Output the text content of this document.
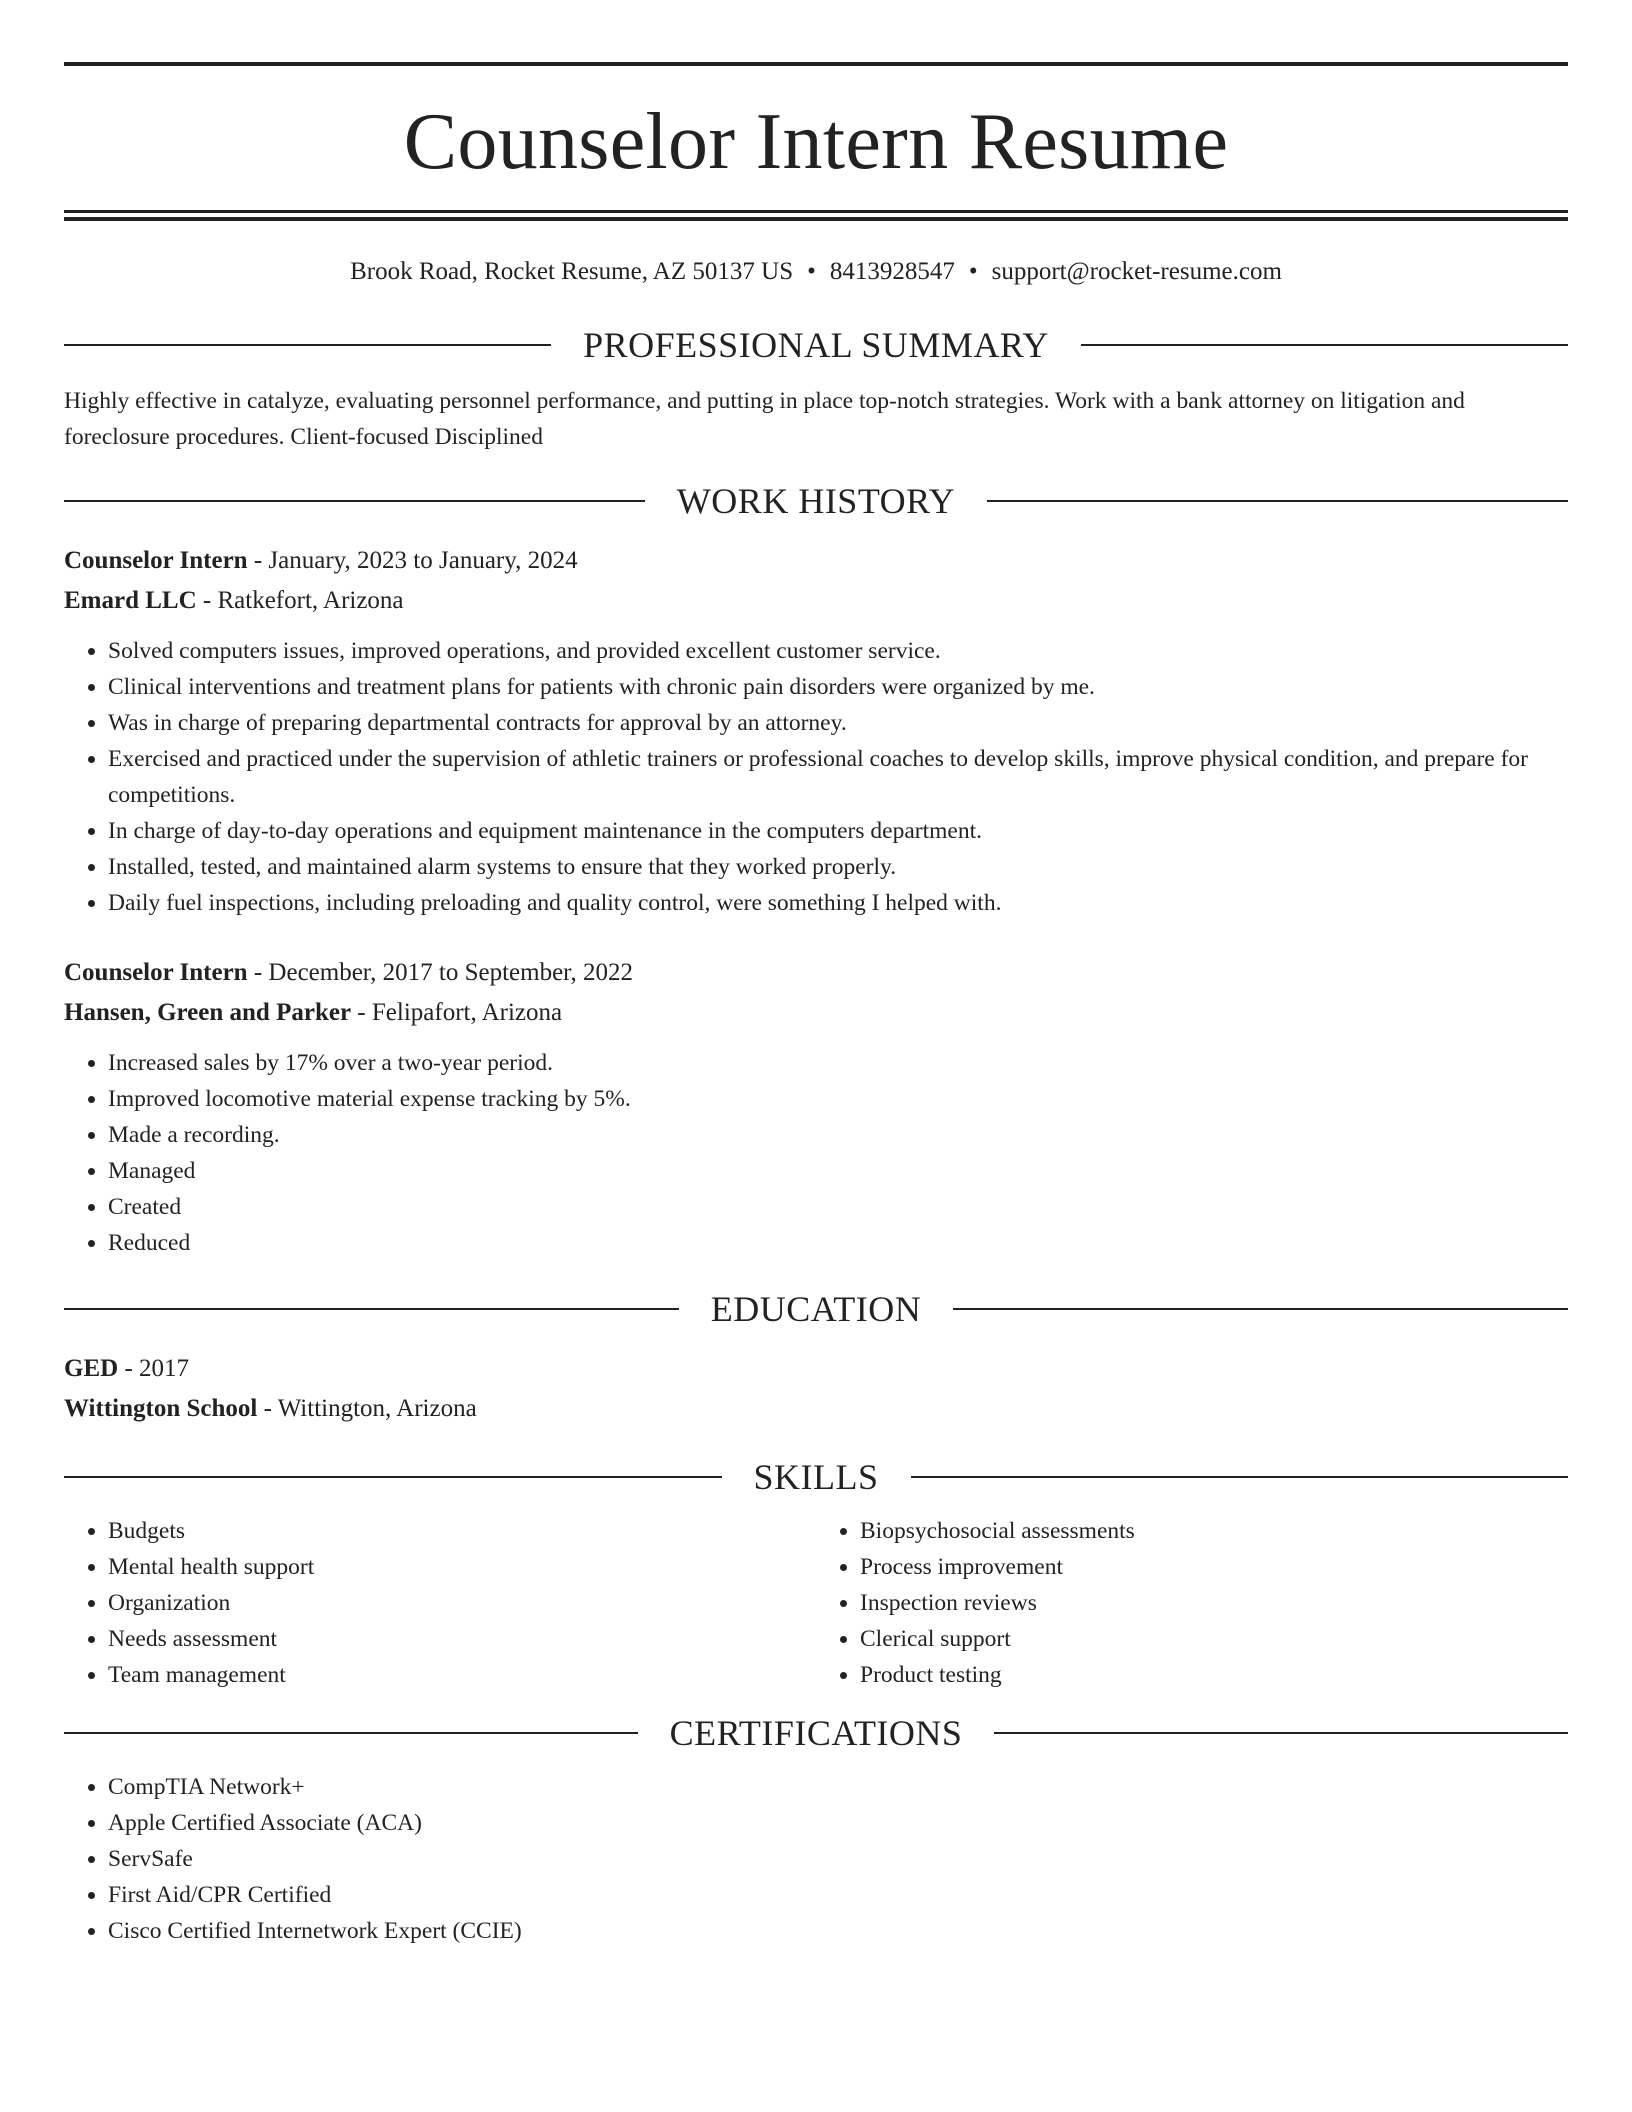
Counselor Intern Resume
Brook Road, Rocket Resume, AZ 50137 US • 8413928547 • support@rocket-resume.com
PROFESSIONAL SUMMARY

Highly effective in catalyze, evaluating personnel performance, and putting in place top-notch strategies. Work with a bank attorney on litigation and foreclosure procedures. Client-focused Disciplined

WORK HISTORY
Counselor Intern - January, 2023 to January, 2024
Emard LLC - Ratkefort, Arizona
• Solved computers issues, improved operations, and provided excellent customer service.
• Clinical interventions and treatment plans for patients with chronic pain disorders were organized by me.
• Was in charge of preparing departmental contracts for approval by an attorney.
• Exercised and practiced under the supervision of athletic trainers or professional coaches to develop skills, improve physical condition, and prepare for competitions.
• In charge of day-to-day operations and equipment maintenance in the computers department.
• Installed, tested, and maintained alarm systems to ensure that they worked properly.
• Daily fuel inspections, including preloading and quality control, were something I helped with.
Counselor Intern - December, 2017 to September, 2022
Hansen, Green and Parker - Felipafort, Arizona
• Increased sales by 17% over a two-year period.
• Improved locomotive material expense tracking by 5%.
• Made a recording.
• Managed
• Created
• Reduced
EDUCATION
GED - 2017
Wittington School - Wittington, Arizona
SKILLS
• Budgets
• Mental health support
• Organization
• Needs assessment
• Team management
• Biopsychosocial assessments
• Process improvement
• Inspection reviews
• Clerical support
• Product testing
CERTIFICATIONS
• CompTIA Network+
• Apple Certified Associate (ACA)
• ServSafe
• First Aid/CPR Certified
• Cisco Certified Internetwork Expert (CCIE)
